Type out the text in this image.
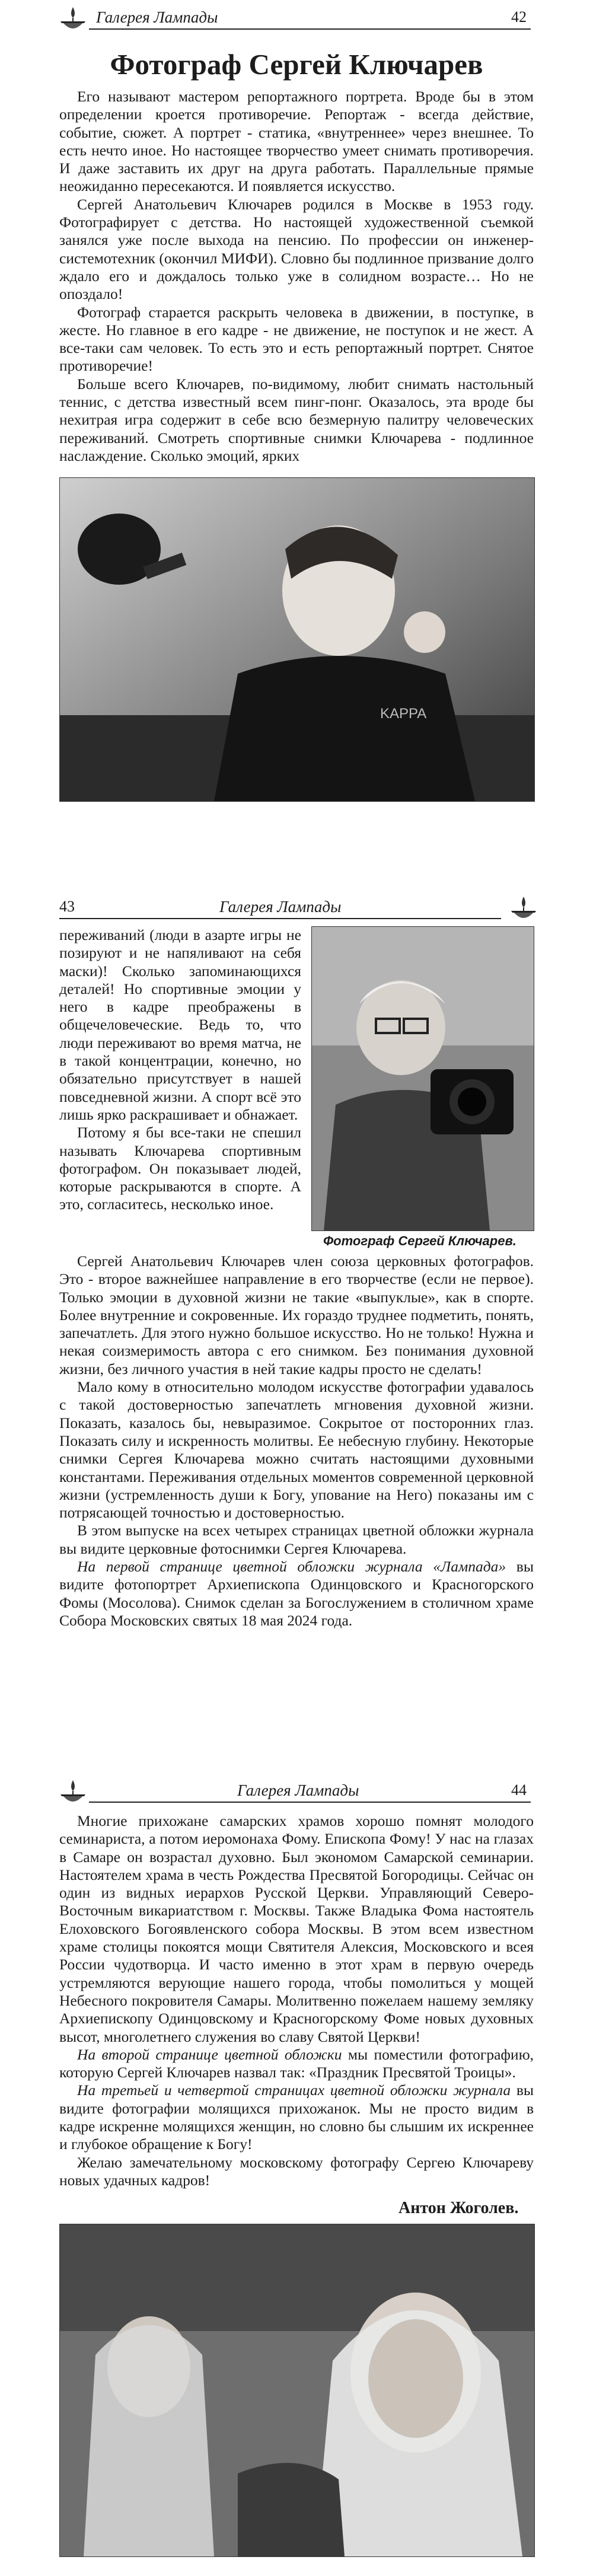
Галерея Лампады	42
Фотограф Сергей Ключарев

Его называют мастером репортажного портрета. Вроде бы в этом определении кроется противоречие. Репортаж - всегда действие, событие, сюжет. А портрет - статика, «внутреннее» через внешнее. То есть нечто иное. Но настоящее творчество умеет снимать противоречия. И даже заставить их друг на друга работать. Параллельные прямые неожиданно пересекаются. И появляется искусство.

Сергей Анатольевич Ключарев родился в Москве в 1953 году. Фотографирует с детства. Но настоящей художественной съемкой занялся уже после выхода на пенсию. По профессии он инженер-системотехник (окончил МИФИ). Словно бы подлинное призвание долго ждало его и дождалось только уже в солидном возрасте… Но не опоздало!

Фотограф старается раскрыть человека в движении, в поступке, в жесте. Но главное в его кадре - не движение, не поступок и не жест. А все-таки сам человек. То есть это и есть репортажный портрет. Снятое противоречие!

Больше всего Ключарев, по-видимому, любит снимать настольный теннис, с детства известный всем пинг-понг. Оказалось, эта вроде бы нехитрая игра содержит в себе всю безмерную палитру человеческих переживаний. Смотреть спортивные снимки Ключарева - подлинное наслаждение. Сколько эмоций, ярких

KAPPA
43	Галерея Лампады

переживаний (люди в азарте игры не позируют и не напяливают на себя маски)! Сколько запоминающихся деталей! Но спортивные эмоции у него в кадре преображены в общечеловеческие. Ведь то, что люди переживают во время матча, не в такой концентрации, конечно, но обязательно присутствует в нашей повседневной жизни. А спорт всё это лишь ярко раскрашивает и обнажает.

Потому я бы все-таки не спешил называть Ключарева спортивным фотографом. Он показывает людей, которые раскрываются в спорте. А это, согласитесь, несколько иное.

Фотограф Сергей Ключарев.

Сергей Анатольевич Ключарев член союза церковных фотографов. Это - второе важнейшее направление в его творчестве (если не первое). Только эмоции в духовной жизни не такие «выпуклые», как в спорте. Более внутренние и сокровенные. Их гораздо труднее подметить, понять, запечатлеть. Для этого нужно большое искусство. Но не только! Нужна и некая соизмеримость автора с его снимком. Без понимания духовной жизни, без личного участия в ней такие кадры просто не сделать!

Мало кому в относительно молодом искусстве фотографии удавалось с такой достоверностью запечатлеть мгновения духовной жизни. Показать, казалось бы, невыразимое. Сокрытое от посторонних глаз. Показать силу и искренность молитвы. Ее небесную глубину. Некоторые снимки Сергея Ключарева можно считать настоящими духовными константами. Переживания отдельных моментов современной церковной жизни (устремленность души к Богу, упование на Него) показаны им с потрясающей точностью и достоверностью.

В этом выпуске на всех четырех страницах цветной обложки журнала вы видите церковные фотоснимки Сергея Ключарева.

На первой странице цветной обложки журнала «Лампада» вы видите фотопортрет Архиепископа Одинцовского и Красногорского Фомы (Мосолова). Снимок сделан за Богослужением в столичном храме Собора Московских святых 18 мая 2024 года.

Галерея Лампады	44

Многие прихожане самарских храмов хорошо помнят молодого семинариста, а потом иеромонаха Фому. Епископа Фому! У нас на глазах в Самаре он возрастал духовно. Был экономом Самарской семинарии. Настоятелем храма в честь Рождества Пресвятой Богородицы. Сейчас он один из видных иерархов Русской Церкви. Управляющий Северо-Восточным викариатством г. Москвы. Также Владыка Фома настоятель Елоховского Богоявленского собора Москвы. В этом всем известном храме столицы покоятся мощи Святителя Алексия, Московского и всея России чудотворца. И часто именно в этот храм в первую очередь устремляются верующие нашего города, чтобы помолиться у мощей Небесного покровителя Самары. Молитвенно пожелаем нашему земляку Архиепископу Одинцовскому и Красногорскому Фоме новых духовных высот, многолетнего служения во славу Святой Церкви!

На второй странице цветной обложки мы поместили фотографию, которую Сергей Ключарев назвал так: «Праздник Пресвятой Троицы».

На третьей и четвертой страницах цветной обложки журнала вы видите фотографии молящихся прихожанок. Мы не просто видим в кадре искренне молящихся женщин, но словно бы слышим их искреннее и глубокое обращение к Богу!

Желаю замечательному московскому фотографу Сергею Ключареву новых удачных кадров!

Антон Жоголев.
